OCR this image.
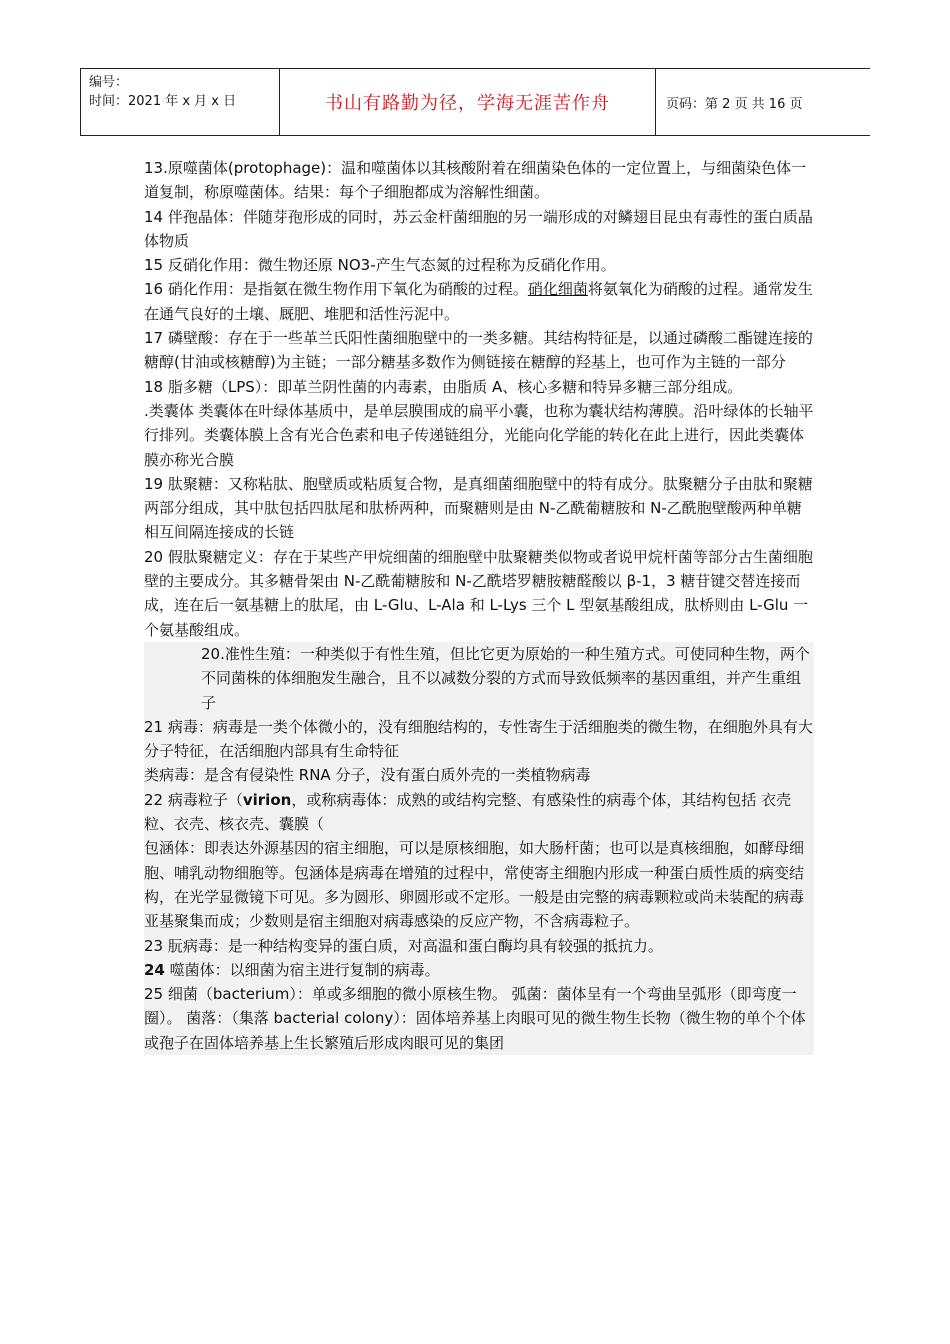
编号：
时间：2021 年 x 月 x 日	书山有路勤为径，学海无涯苦作舟	页码：第 2 页 共 16 页

13.原噬菌体(protophage)：温和噬菌体以其核酸附着在细菌染色体的一定位置上，与细菌染色体一道复制，称原噬菌体。结果：每个子细胞都成为溶解性细菌。

14 伴孢晶体：伴随芽孢形成的同时，苏云金杆菌细胞的另一端形成的对鳞翅目昆虫有毒性的蛋白质晶体物质

15 反硝化作用：微生物还原 NO3-产生气态氮的过程称为反硝化作用。

16 硝化作用：是指氨在微生物作用下氧化为硝酸的过程。硝化细菌将氨氧化为硝酸的过程。通常发生在通气良好的土壤、厩肥、堆肥和活性污泥中。

17 磷壁酸：存在于一些革兰氏阳性菌细胞壁中的一类多糖。其结构特征是，以通过磷酸二酯键连接的糖醇(甘油或核糖醇)为主链；一部分糖基多数作为侧链接在糖醇的羟基上，也可作为主链的一部分

18 脂多糖（LPS）：即革兰阴性菌的内毒素，由脂质 A、核心多糖和特异多糖三部分组成。

.类囊体 类囊体在叶绿体基质中，是单层膜围成的扁平小囊，也称为囊状结构薄膜。沿叶绿体的长轴平行排列。类囊体膜上含有光合色素和电子传递链组分，光能向化学能的转化在此上进行，因此类囊体膜亦称光合膜

19 肽聚糖：又称粘肽、胞壁质或粘质复合物，是真细菌细胞壁中的特有成分。肽聚糖分子由肽和聚糖两部分组成，其中肽包括四肽尾和肽桥两种，而聚糖则是由 N-乙酰葡糖胺和 N-乙酰胞壁酸两种单糖相互间隔连接成的长链

20 假肽聚糖定义：存在于某些产甲烷细菌的细胞壁中肽聚糖类似物或者说甲烷杆菌等部分古生菌细胞壁的主要成分。其多糖骨架由 N-乙酰葡糖胺和 N-乙酰塔罗糖胺糖醛酸以 β-1，3 糖苷键交替连接而成，连在后一氨基糖上的肽尾，由 L-Glu、L-Ala 和 L-Lys 三个 L 型氨基酸组成，肽桥则由 L-Glu 一个氨基酸组成。

20.准性生殖：一种类似于有性生殖，但比它更为原始的一种生殖方式。可使同种生物，两个不同菌株的体细胞发生融合，且不以减数分裂的方式而导致低频率的基因重组，并产生重组子

21 病毒：病毒是一类个体微小的，没有细胞结构的，专性寄生于活细胞类的微生物，在细胞外具有大分子特征，在活细胞内部具有生命特征

类病毒：是含有侵染性 RNA 分子，没有蛋白质外壳的一类植物病毒

22 病毒粒子（virion，或称病毒体：成熟的或结构完整、有感染性的病毒个体，其结构包括 衣壳粒、衣壳、核衣壳、囊膜（

包涵体：即表达外源基因的宿主细胞，可以是原核细胞，如大肠杆菌；也可以是真核细胞，如酵母细胞、哺乳动物细胞等。包涵体是病毒在增殖的过程中，常使寄主细胞内形成一种蛋白质性质的病变结构，在光学显微镜下可见。多为圆形、卵圆形或不定形。一般是由完整的病毒颗粒或尚未装配的病毒亚基聚集而成；少数则是宿主细胞对病毒感染的反应产物，不含病毒粒子。

23 朊病毒：是一种结构变异的蛋白质，对高温和蛋白酶均具有较强的抵抗力。

24 噬菌体：以细菌为宿主进行复制的病毒。

25 细菌（bacterium）：单或多细胞的微小原核生物。 弧菌：菌体呈有一个弯曲呈弧形（即弯度一圈）。 菌落：（集落 bacterial colony）：固体培养基上肉眼可见的微生物生长物（微生物的单个个体或孢子在固体培养基上生长繁殖后形成肉眼可见的集团
